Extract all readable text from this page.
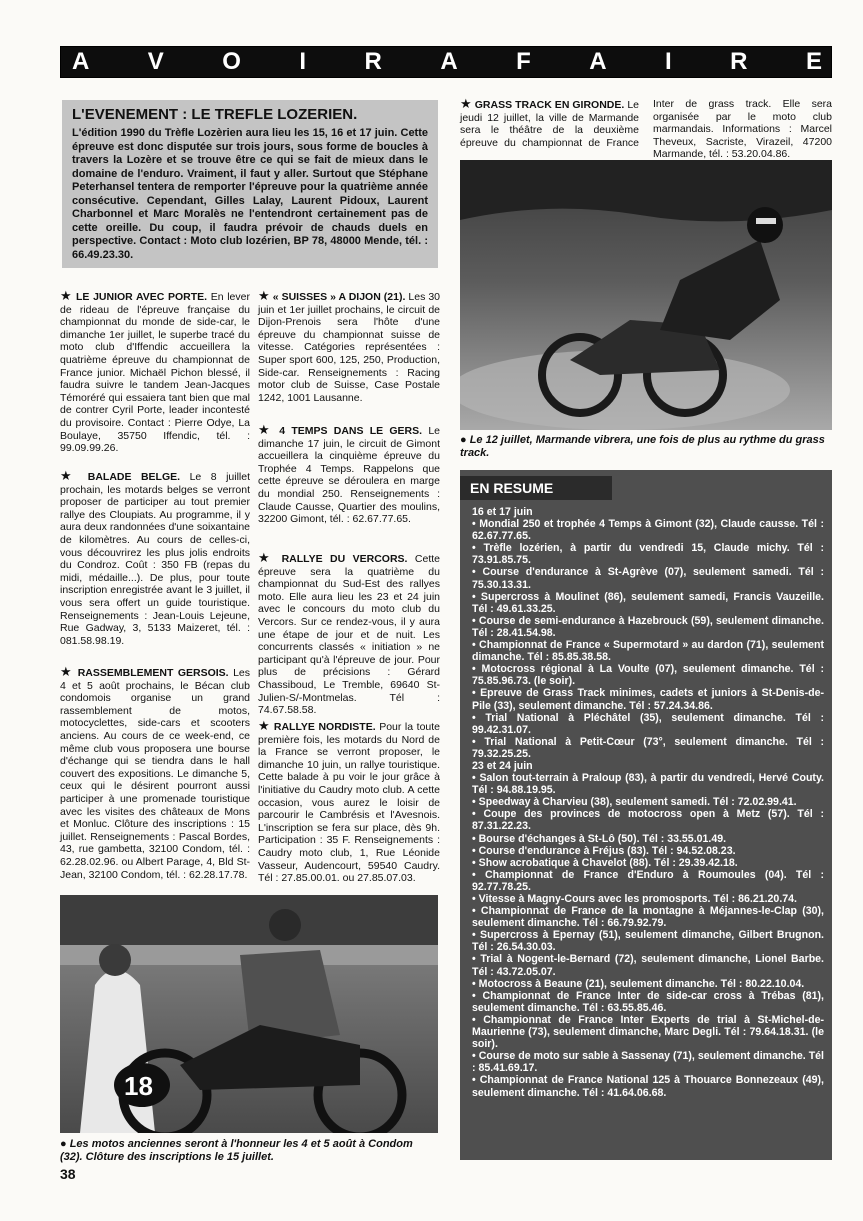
A V O I R A F A I R E
L'EVENEMENT : LE TREFLE LOZERIEN.
L'édition 1990 du Trèfle Lozèrien aura lieu les 15, 16 et 17 juin. Cette épreuve est donc disputée sur trois jours, sous forme de boucles à travers la Lozère et se trouve être ce qui se fait de mieux dans le domaine de l'enduro. Vraiment, il faut y aller. Surtout que Stéphane Peterhansel tentera de remporter l'épreuve pour la quatrième année consécutive. Cependant, Gilles Lalay, Laurent Pidoux, Laurent Charbonnel et Marc Moralès ne l'entendront certainement pas de cette oreille. Du coup, il faudra prévoir de chauds duels en perspective. Contact : Moto club lozérien, BP 78, 48000 Mende, tél. : 66.49.23.30.
★ LE JUNIOR AVEC PORTE. En lever de rideau de l'épreuve française du championnat du monde de side-car, le dimanche 1er juillet, le superbe tracé du moto club d'Iffendic accueillera la quatrième épreuve du championnat de France junior. Michaël Pichon blessé, il faudra suivre le tandem Jean-Jacques Témoréré qui essaiera tant bien que mal de contrer Cyril Porte, leader incontesté du provisoire. Contact : Pierre Odye, La Boulaye, 35750 Iffendic, tél. : 99.09.99.26.
★ BALADE BELGE. Le 8 juillet prochain, les motards belges se verront proposer de participer au tout premier rallye des Cloupiats. Au programme, il y aura deux randonnées d'une soixantaine de kilomètres. Au cours de celles-ci, vous découvrirez les plus jolis endroits du Condroz. Coût : 350 FB (repas du midi, médaille...). De plus, pour toute inscription enregistrée avant le 3 juillet, il vous sera offert un guide touristique. Renseignements : Jean-Louis Lejeune, Rue Gadway, 3, 5133 Maizeret, tél. : 081.58.98.19.
★ RASSEMBLEMENT GERSOIS. Les 4 et 5 août prochains, le Bécan club condomois organise un grand rassemblement de motos, motocyclettes, side-cars et scooters anciens. Au cours de ce week-end, ce même club vous proposera une bourse d'échange qui se tiendra dans le hall couvert des expositions. Le dimanche 5, ceux qui le désirent pourront aussi participer à une promenade touristique avec les visites des châteaux de Mons et Monluc. Clôture des inscriptions : 15 juillet. Renseignements : Pascal Bordes, 43, rue gambetta, 32100 Condom, tél. : 62.28.02.96. ou Albert Parage, 4, Bld St-Jean, 32100 Condom, tél. : 62.28.17.78.
★ « SUISSES » A DIJON (21). Les 30 juin et 1er juillet prochains, le circuit de Dijon-Prenois sera l'hôte d'une épreuve du championnat suisse de vitesse. Catégories représentées : Super sport 600, 125, 250, Production, Side-car. Renseignements : Racing motor club de Suisse, Case Postale 1242, 1001 Lausanne.
★ 4 TEMPS DANS LE GERS. Le dimanche 17 juin, le circuit de Gimont accueillera la cinquième épreuve du Trophée 4 Temps. Rappelons que cette épreuve se déroulera en marge du mondial 250. Renseignements : Claude Causse, Quartier des moulins, 32200 Gimont, tél. : 62.67.77.65.
★ RALLYE DU VERCORS. Cette épreuve sera la quatrième du championnat du Sud-Est des rallyes moto. Elle aura lieu les 23 et 24 juin avec le concours du moto club du Vercors. Sur ce rendez-vous, il y aura une étape de jour et de nuit. Les concurrents classés « initiation » ne participant qu'à l'épreuve de jour. Pour plus de précisions : Gérard Chassiboud, Le Tremble, 69640 St-Julien-S/-Montmelas. Tél : 74.67.58.58.
★ RALLYE NORDISTE. Pour la toute première fois, les motards du Nord de la France se verront proposer, le dimanche 10 juin, un rallye touristique. Cette balade à pu voir le jour grâce à l'initiative du Caudry moto club. A cette occasion, vous aurez le loisir de parcourir le Cambrésis et l'Avesnois. L'inscription se fera sur place, dès 9h. Participation : 35 F. Renseignements : Caudry moto club, 1, Rue Léonide Vasseur, Audencourt, 59540 Caudry. Tél : 27.85.00.01. ou 27.85.07.03.
★ GRASS TRACK EN GIRONDE. Le jeudi 12 juillet, la ville de Marmande sera le théâtre de la deuxième épreuve du championnat de France Inter de grass track. Elle sera organisée par le moto club marmandais. Informations : Marcel Theveux, Sacriste, Virazeil, 47200 Marmande, tél. : 53.20.04.86.
● Le 12 juillet, Marmande vibrera, une fois de plus au rythme du grass track.
EN RESUME
16 et 17 juin
• Mondial 250 et trophée 4 Temps à Gimont (32), Claude causse. Tél : 62.67.77.65.
• Trèfle lozérien, à partir du vendredi 15, Claude michy. Tél : 73.91.85.75.
• Course d'endurance à St-Agrève (07), seulement samedi. Tél : 75.30.13.31.
• Supercross à Moulinet (86), seulement samedi, Francis Vauzeille. Tél : 49.61.33.25.
• Course de semi-endurance à Hazebrouck (59), seulement dimanche. Tél : 28.41.54.98.
• Championnat de France « Supermotard » au dardon (71), seulement dimanche. Tél : 85.85.38.58.
• Motocross régional à La Voulte (07), seulement dimanche. Tél : 75.85.96.73. (le soir).
• Epreuve de Grass Track minimes, cadets et juniors à St-Denis-de-Pile (33), seulement dimanche. Tél : 57.24.34.86.
• Trial National à Pléchâtel (35), seulement dimanche. Tél : 99.42.31.07.
• Trial National à Petit-Cœur (73°, seulement dimanche. Tél : 79.32.25.25.
23 et 24 juin
• Salon tout-terrain à Praloup (83), à partir du vendredi, Hervé Couty. Tél : 94.88.19.95.
• Speedway à Charvieu (38), seulement samedi. Tél : 72.02.99.41.
• Coupe des provinces de motocross open à Metz (57). Tél : 87.31.22.23.
• Bourse d'échanges à St-Lô (50). Tél : 33.55.01.49.
• Course d'endurance à Fréjus (83). Tél : 94.52.08.23.
• Show acrobatique à Chavelot (88). Tél : 29.39.42.18.
• Championnat de France d'Enduro à Roumoules (04). Tél : 92.77.78.25.
• Vitesse à Magny-Cours avec les promosports. Tél : 86.21.20.74.
• Championnat de France de la montagne à Méjannes-le-Clap (30), seulement dimanche. Tél : 66.79.92.79.
• Supercross à Epernay (51), seulement dimanche, Gilbert Brugnon. Tél : 26.54.30.03.
• Trial à Nogent-le-Bernard (72), seulement dimanche, Lionel Barbe. Tél : 43.72.05.07.
• Motocross à Beaune (21), seulement dimanche. Tél : 80.22.10.04.
• Championnat de France Inter de side-car cross à Trébas (81), seulement dimanche. Tél : 63.55.85.46.
• Championnat de France Inter Experts de trial à St-Michel-de-Maurienne (73), seulement dimanche, Marc Degli. Tél : 79.64.18.31. (le soir).
• Course de moto sur sable à Sassenay (71), seulement dimanche. Tél : 85.41.69.17.
• Championnat de France National 125 à Thouarce Bonnezeaux (49), seulement dimanche. Tél : 41.64.06.68.
18
● Les motos anciennes seront à l'honneur les 4 et 5 août à Condom (32). Clôture des inscriptions le 15 juillet.
38
